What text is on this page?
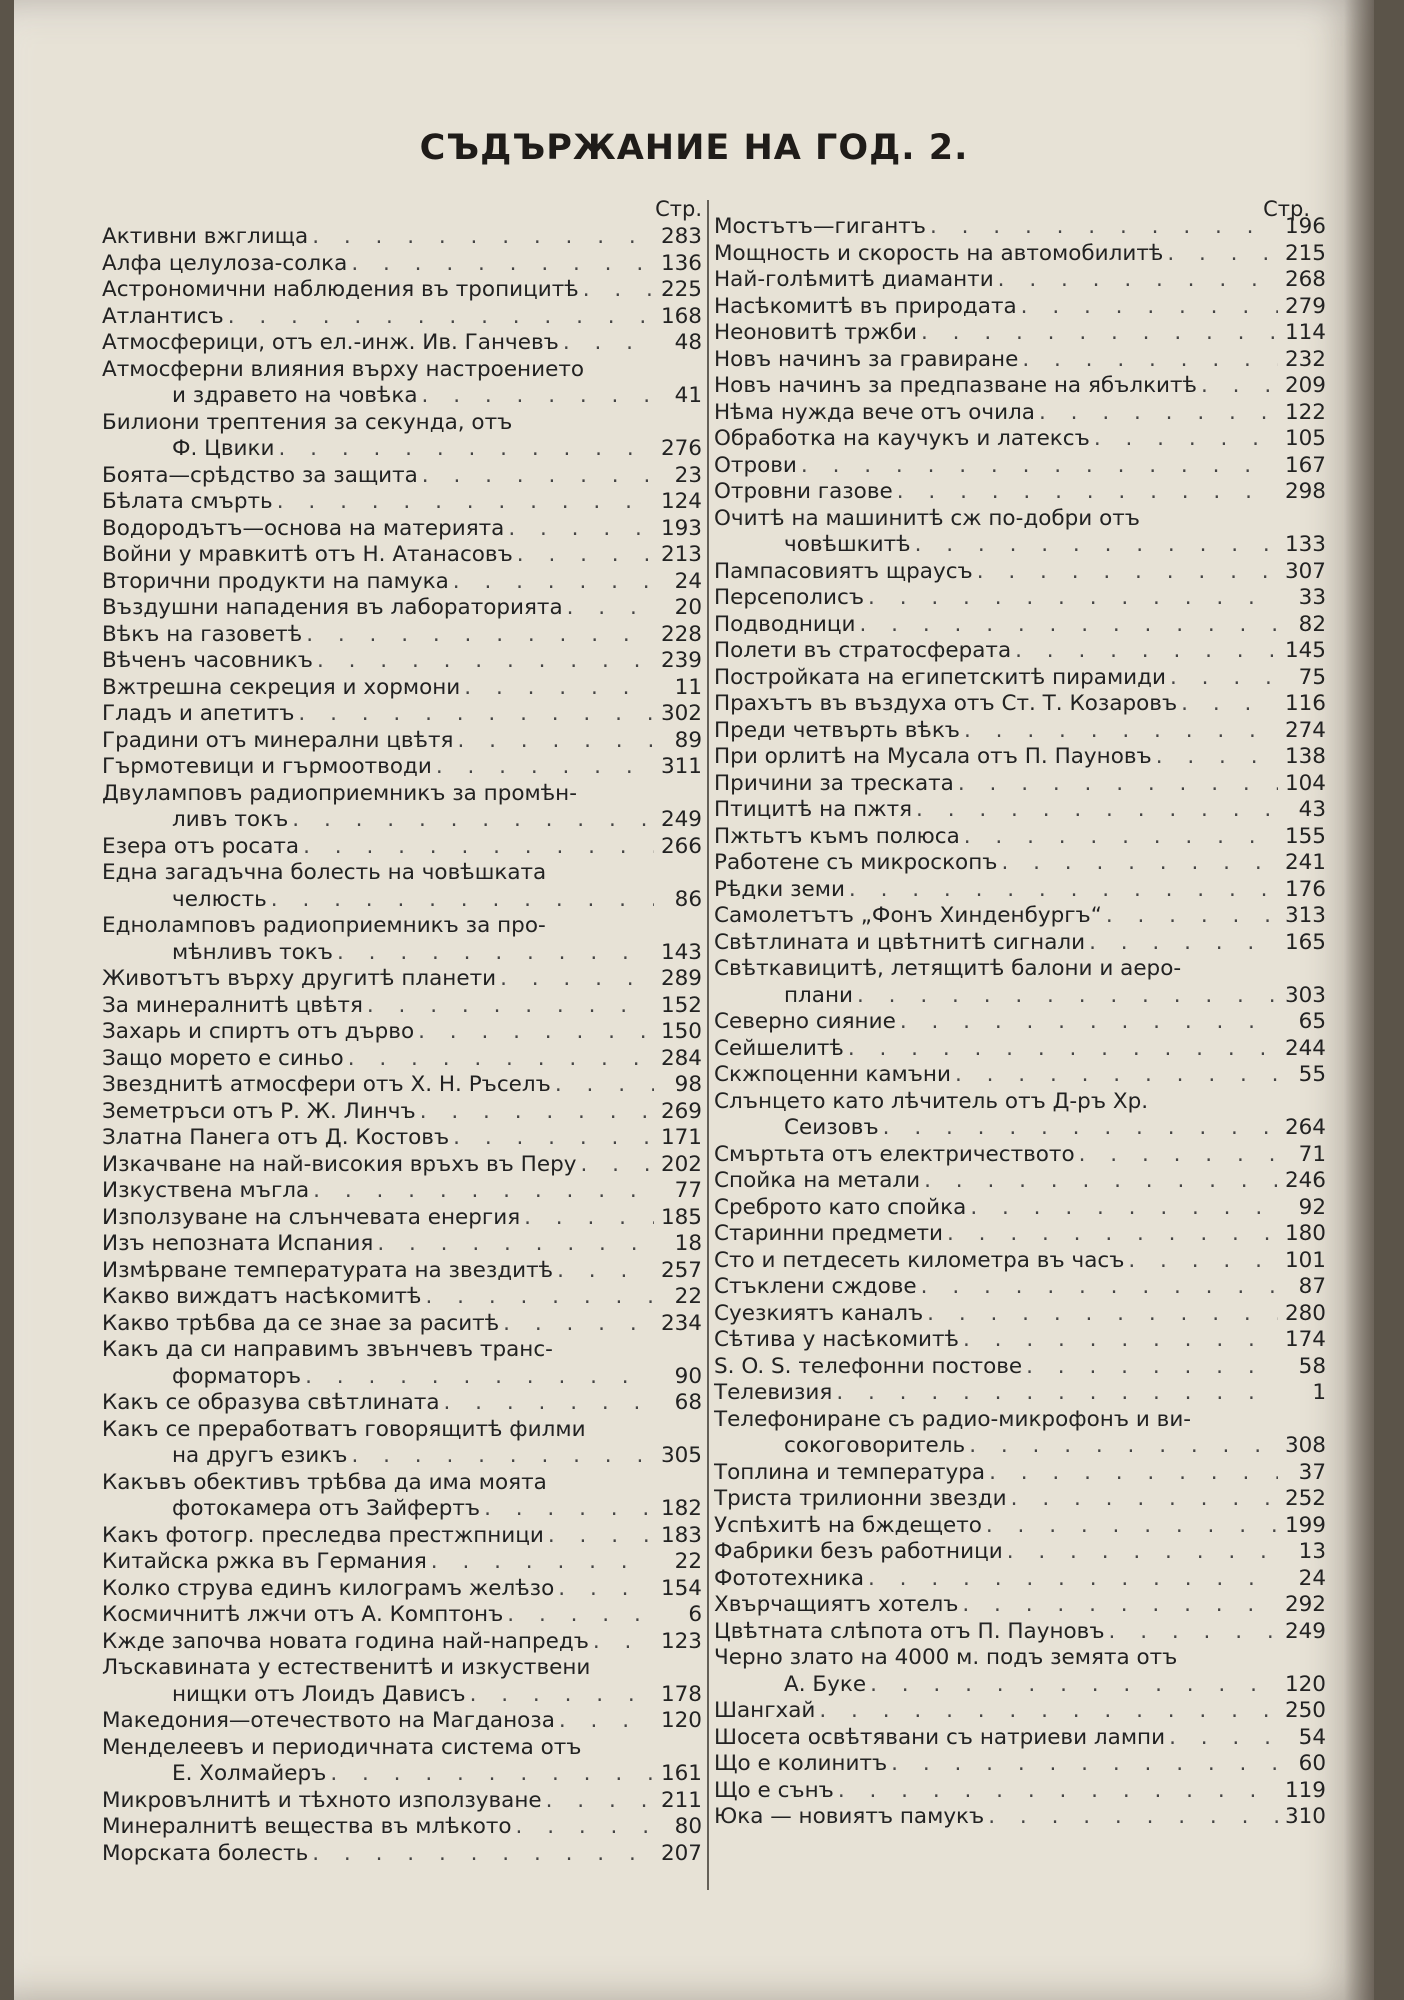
СЪДЪРЖАНИЕ НА ГОД. 2.
Стр.
Активни вжглища . . .	283
Алфа целулоза-солка . . .	136
Астрономични наблюдения въ тропицитѣ . . .	225
Атлантисъ . . .	168
Атмосферици, отъ ел.-инж. Ив. Ганчевъ . . .	48
Атмосферни влияния върху настроението
и здравето на човѣка . . .	41
Билиони трептения за секунда, отъ
Ф. Цвики . . .	276
Боята—срѣдство за защита . . .	23
Бѣлата смърть . . .	124
Водородътъ—основа на материята . . .	193
Войни у мравкитѣ отъ Н. Атанасовъ . . .	213
Вторични продукти на памука . . .	24
Въздушни нападения въ лабораторията . . .	20
Вѣкъ на газоветѣ . . .	228
Вѣченъ часовникъ . . .	239
Вжтрешна секреция и хормони . . .	11
Гладъ и апетитъ . . .	302
Градини отъ минерални цвѣтя . . .	89
Гърмотевици и гърмоотводи . . .	311
Двуламповъ радиоприемникъ за промѣн-
ливъ токъ . . .	249
Езера отъ росата . . .	266
Една загадъчна болесть на човѣшката
челюсть . . .	86
Еднолампoвъ радиоприемникъ за про-
мѣнливъ токъ . . .	143
Животътъ върху другитѣ планети . . .	289
За минералнитѣ цвѣтя . . .	152
Захарь и спиртъ отъ дърво . . .	150
Защо морето е синьо . . .	284
Звезднитѣ атмосфери отъ Х. Н. Ръселъ . . .	98
Земетръси отъ Р. Ж. Линчъ . . .	269
Златна Панега отъ Д. Костовъ . . .	171
Изкачване на най-високия връхъ въ Перу . . .	202
Изкуствена мъгла . . .	77
Използуване на слънчевата енергия . . .	185
Изъ непозната Испания . . .	18
Измѣрване температурата на звездитѣ . . .	257
Какво виждатъ насѣкомитѣ . . .	22
Какво трѣбва да се знае за раситѣ . . .	234
Какъ да си направимъ звънчевъ транс-
форматоръ . . .	90
Какъ се образува свѣтлината . . .	68
Какъ се преработватъ говорящитѣ филми
на другъ езикъ . . .	305
Какъвъ обективъ трѣбва да има моята
фотокамера отъ Зайфертъ . . .	182
Какъ фотогр. преследва престжпници . . .	183
Китайска ржка въ Германия . . .	22
Колко струва единъ килограмъ желѣзо . . .	154
Космичнитѣ лжчи отъ А. Комптонъ . . .	6
Кжде започва новата година най-напредъ . . .	123
Лъскавината у естественитѣ и изкуствени
нищки отъ Лоидъ Дависъ . . .	178
Македония—отечеството на Магданоза . . .	120
Менделеевъ и периодичната система отъ
Е. Холмайеръ . . .	161
Микровълнитѣ и тѣхното използуване . . .	211
Минералнитѣ вещества въ млѣкото . . .	80
Морската болесть . . .	207
Стр.
Мостътъ—гигантъ . . .	196
Мощность и скорость на автомобилитѣ . . .	215
Най-голѣмитѣ диаманти . . .	268
Насѣкомитѣ въ природата . . .	279
Неоновитѣ тржби . . .	114
Новъ начинъ за гравиране . . .	232
Новъ начинъ за предпазване на ябълкитѣ . . .	209
Нѣма нужда вече отъ очила . . .	122
Обработка на каучукъ и латексъ . . .	105
Отрови . . .	167
Отровни газове . . .	298
Очитѣ на машинитѣ сж по-добри отъ
човѣшкитѣ . . .	133
Пампасовиятъ щраусъ . . .	307
Персеполисъ . . .	33
Подводници . . .	82
Полети въ стратосферата . . .	145
Постройката на египетскитѣ пирамиди . . .	75
Прахътъ въ въздуха отъ Ст. Т. Козаровъ . . .	116
Преди четвърть вѣкъ . . .	274
При орлитѣ на Мусала отъ П. Пауновъ . . .	138
Причини за треската . . .	104
Птицитѣ на пжтя . . .	43
Пжтьтъ къмъ полюса . . .	155
Работене съ микроскопъ . . .	241
Рѣдки земи . . .	176
Самолетътъ „Фонъ Хинденбургъ“ . . .	313
Свѣтлината и цвѣтнитѣ сигнали . . .	165
Свѣткавицитѣ, летящитѣ балони и аеро-
плани . . .	303
Северно сияние . . .	65
Сейшелитѣ . . .	244
Скжпоценни камъни . . .	55
Слънцето като лѣчитель отъ Д-ръ Хр.
Сеизовъ . . .	264
Смъртьта отъ електричеството . . .	71
Спойка на метали . . .	246
Среброто като спойка . . .	92
Старинни предмети . . .	180
Сто и петдесеть километра въ часъ . . .	101
Стъклени сждове . . .	87
Суезкиятъ каналъ . . .	280
Сѣтива у насѣкомитѣ . . .	174
S. O. S. телефонни постове . . .	58
Телевизия . . .	1
Телефониране съ радио-микрофонъ и ви-
сокоговоритель . . .	308
Топлина и температура . . .	37
Триста трилионни звезди . . .	252
Успѣхитѣ на бждещето . . .	199
Фабрики безъ работници . . .	13
Фототехника . . .	24
Хвърчащиятъ хотелъ . . .	292
Цвѣтната слѣпота отъ П. Пауновъ . . .	249
Черно злато на 4000 м. подъ земята отъ
А. Буке . . .	120
Шангхай . . .	250
Шосета освѣтявани съ натриеви лампи . . .	54
Що е колинитъ . . .	60
Що е сънъ . . .	119
Юка — новиятъ памукъ . . .	310
